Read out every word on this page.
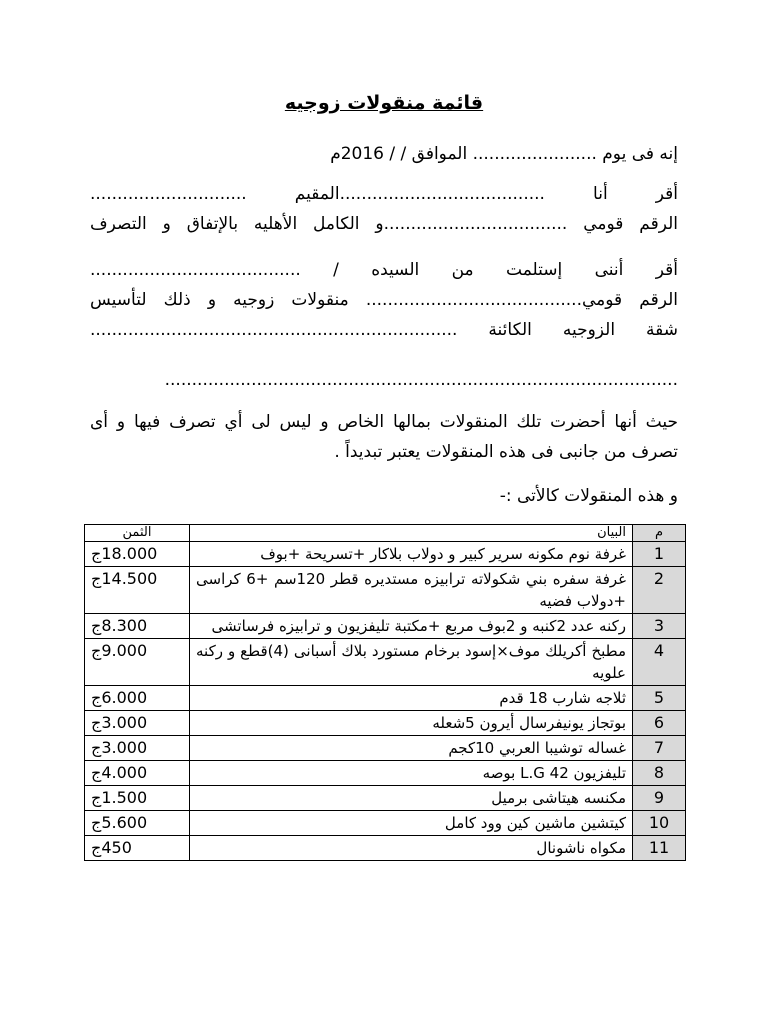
قائمة منقولات زوجيه
إنه فى يوم ....................... الموافق / / 2016م
أقر أنا ......................................المقيم .............................
الرقم قومي ..................................و الكامل الأهليه بالإتفاق و التصرف
أقر أننى إستلمت من السيده / .......................................
الرقم قومي........................................ منقولات زوجيه و ذلك لتأسيس
شقة الزوجيه الكائنة ....................................................................
...............................................................................................
حيث أنها أحضرت تلك المنقولات بمالها الخاص و ليس لى أي تصرف فيها و أى
تصرف من جانبى فى هذه المنقولات يعتبر تبديداً .
و هذه المنقولات كالأتى :-
م	البيان	الثمن
1	غرفة نوم مكونه سرير كبير و دولاب بلاكار +تسريحة +بوف	18.000ج
2	غرفة سفره بني شكولاته ترابيزه مستديره قطر 120سم +6 كراسى +دولاب فضيه	14.500ج
3	ركنه عدد 2كنبه و 2بوف مربع +مكتبة تليفزيون و ترابيزه فرساتشى	8.300ج
4	مطبخ أكريلك موف×إسود برخام مستورد بلاك أسبانى (4)قطع و ركنه علويه	9.000ج
5	ثلاجه شارب 18 قدم	6.000ج
6	بوتجاز يونيفرسال أيرون 5شعله	3.000ج
7	غساله توشيبا العربي 10كجم	3.000ج
8	تليفزيون L.G 42 بوصه	4.000ج
9	مكنسه هيتاشى برميل	1.500ج
10	كيتشين ماشين كين وود كامل	5.600ج
11	مكواه ناشونال	450ج
